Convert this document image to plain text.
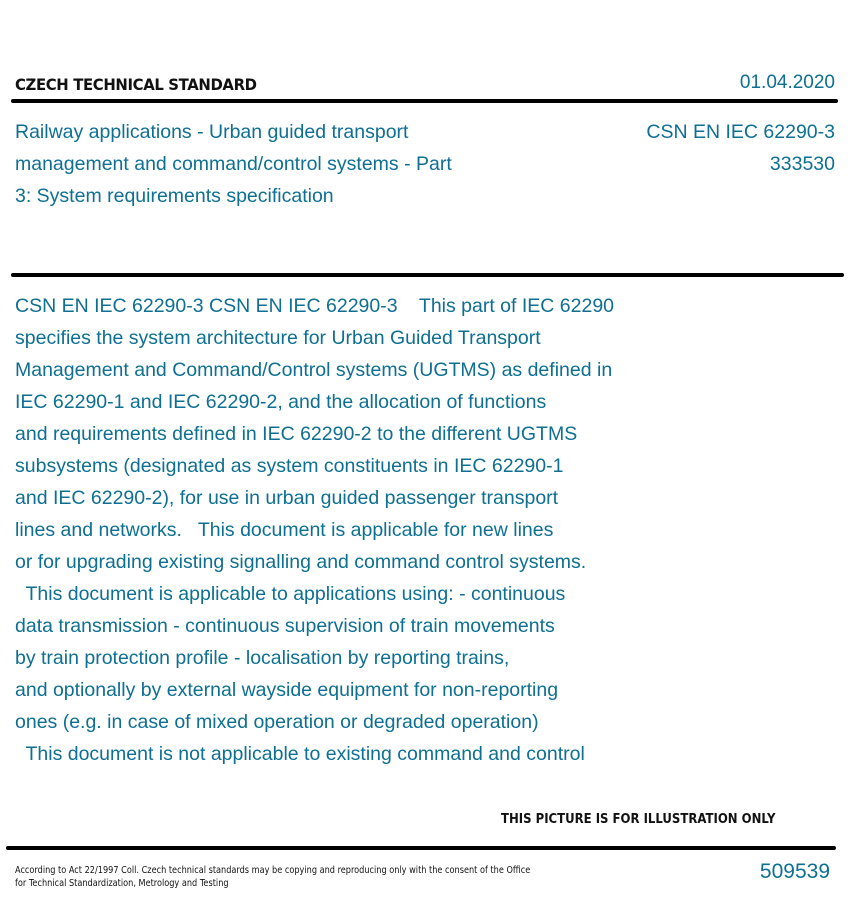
CZECH TECHNICAL STANDARD	01.04.2020
Railway applications - Urban guided transport
management and command/control systems - Part
3: System requirements specification
CSN EN IEC 62290-3
333530
CSN EN IEC 62290-3 CSN EN IEC 62290-3    This part of IEC 62290
specifies the system architecture for Urban Guided Transport
Management and Command/Control systems (UGTMS) as defined in
IEC 62290-1 and IEC 62290-2, and the allocation of functions
and requirements defined in IEC 62290-2 to the different UGTMS
subsystems (designated as system constituents in IEC 62290-1
and IEC 62290-2), for use in urban guided passenger transport
lines and networks.   This document is applicable for new lines
or for upgrading existing signalling and command control systems.
This document is applicable to applications using: - continuous
data transmission - continuous supervision of train movements
by train protection profile - localisation by reporting trains,
and optionally by external wayside equipment for non-reporting
ones (e.g. in case of mixed operation or degraded operation)
This document is not applicable to existing command and control
THIS PICTURE IS FOR ILLUSTRATION ONLY
According to Act 22/1997 Coll. Czech technical standards may be copying and reproducing only with the consent of the Office
for Technical Standardization, Metrology and Testing
509539
